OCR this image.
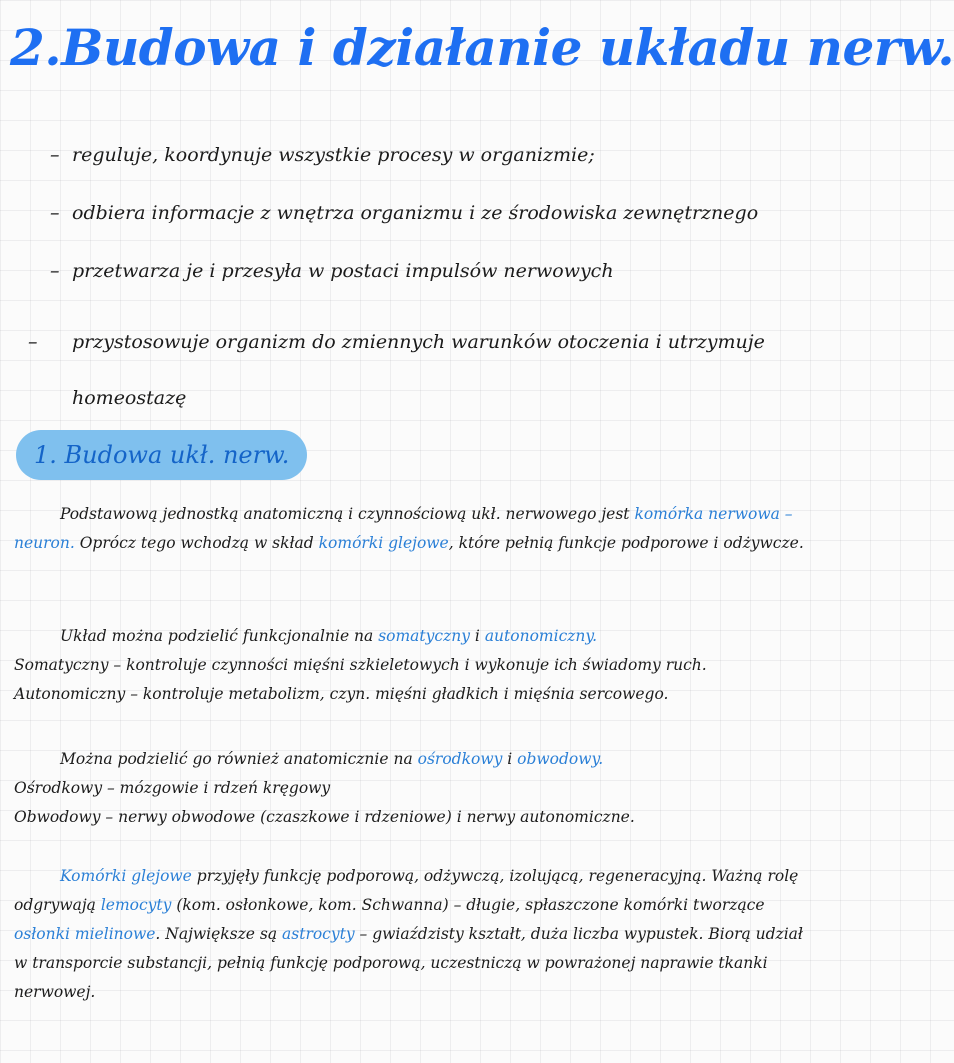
2.Budowa i działanie układu nerw.
– reguluje, koordynuje wszystkie procesy w organizmie;
– odbiera informacje z wnętrza organizmu i ze środowiska zewnętrznego
– przetwarza je i przesyła w postaci impulsów nerwowych
– przystosowuje organizm do zmiennych warunków otoczenia i utrzymuje homeostazę
1. Budowa ukł. nerw.

Podstawową jednostką anatomiczną i czynnościową ukł. nerwowego jest komórka nerwowa – neuron. Oprócz tego wchodzą w skład komórki glejowe, które pełnią funkcje podporowe i odżywcze.

Układ można podzielić funkcjonalnie na somatyczny i autonomiczny.
Somatyczny – kontroluje czynności mięśni szkieletowych i wykonuje ich świadomy ruch.
Autonomiczny – kontroluje metabolizm, czyn. mięśni gładkich i mięśnia sercowego.

Można podzielić go również anatomicznie na ośrodkowy i obwodowy.
Ośrodkowy – mózgowie i rdzeń kręgowy
Obwodowy – nerwy obwodowe (czaszkowe i rdzeniowe) i nerwy autonomiczne.

Komórki glejowe przyjęły funkcję podporową, odżywczą, izolującą, regeneracyjną. Ważną rolę odgrywają lemocyty (kom. osłonkowe, kom. Schwanna) – długie, spłaszczone komórki tworzące osłonki mielinowe. Największe są astrocyty – gwiaździsty kształt, duża liczba wypustek. Biorą udział w transporcie substancji, pełnią funkcję podporową, uczestniczą w powrażonej naprawie tkanki nerwowej.
